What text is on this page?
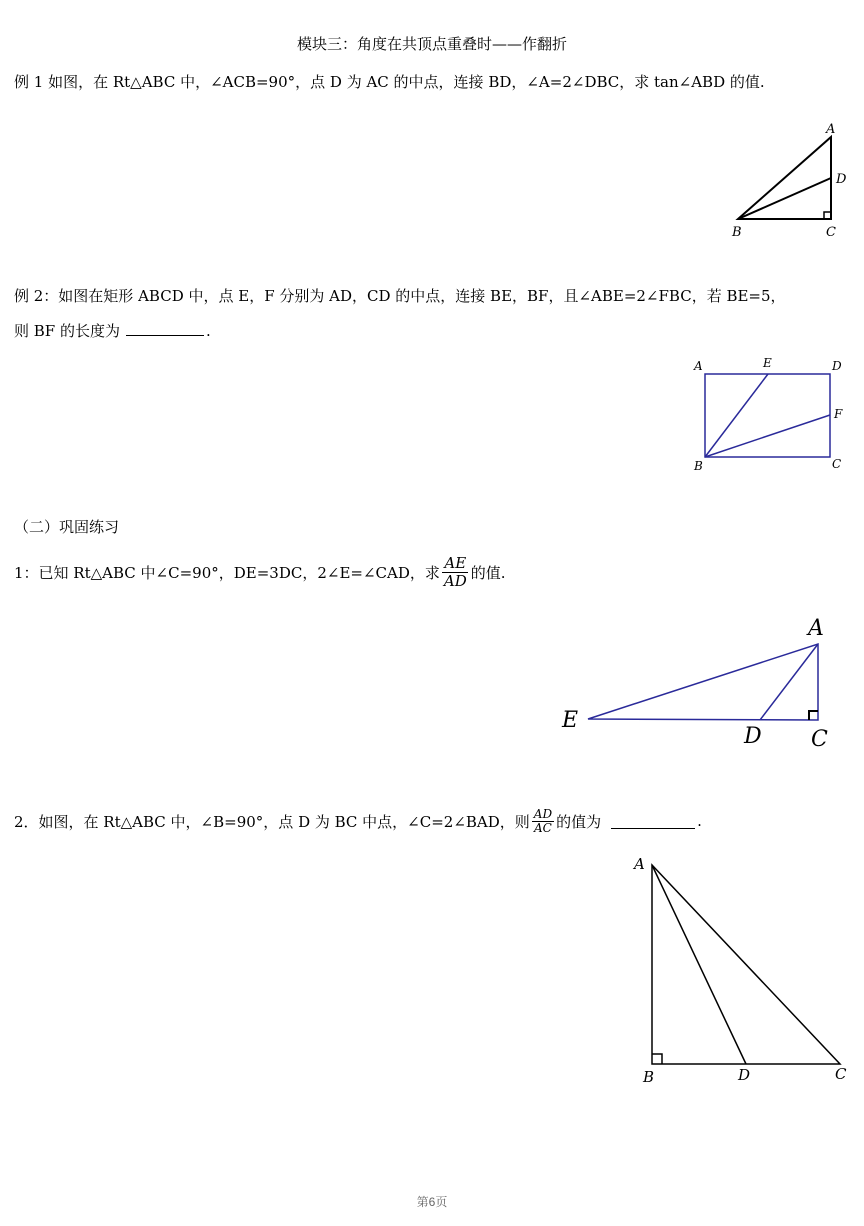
模块三：角度在共顶点重叠时——作翻折
例 1 如图，在 Rt△ABC 中，∠ACB=90°，点 D 为 AC 的中点，连接 BD，∠A=2∠DBC，求 tan∠ABD 的值.
A
D
B	C
例 2：如图在矩形 ABCD 中，点 E，F 分别为 AD，CD 的中点，连接 BE，BF，且∠ABE=2∠FBC，若 BE=5，
则 BF 的长度为	.
A	E	D
F
B	C
（二）巩固练习
1：已知 Rt△ABC 中∠C=90°，DE=3DC，2∠E=∠CAD，求 $\frac{AE}{AD}$ 的值.
A
E
D C
2．如图，在 Rt△ABC 中，∠B=90°，点 D 为 BC 中点，∠C=2∠BAD，则 $\frac{AD}{AC}$ 的值为	.
A
B	D	C
第6页
